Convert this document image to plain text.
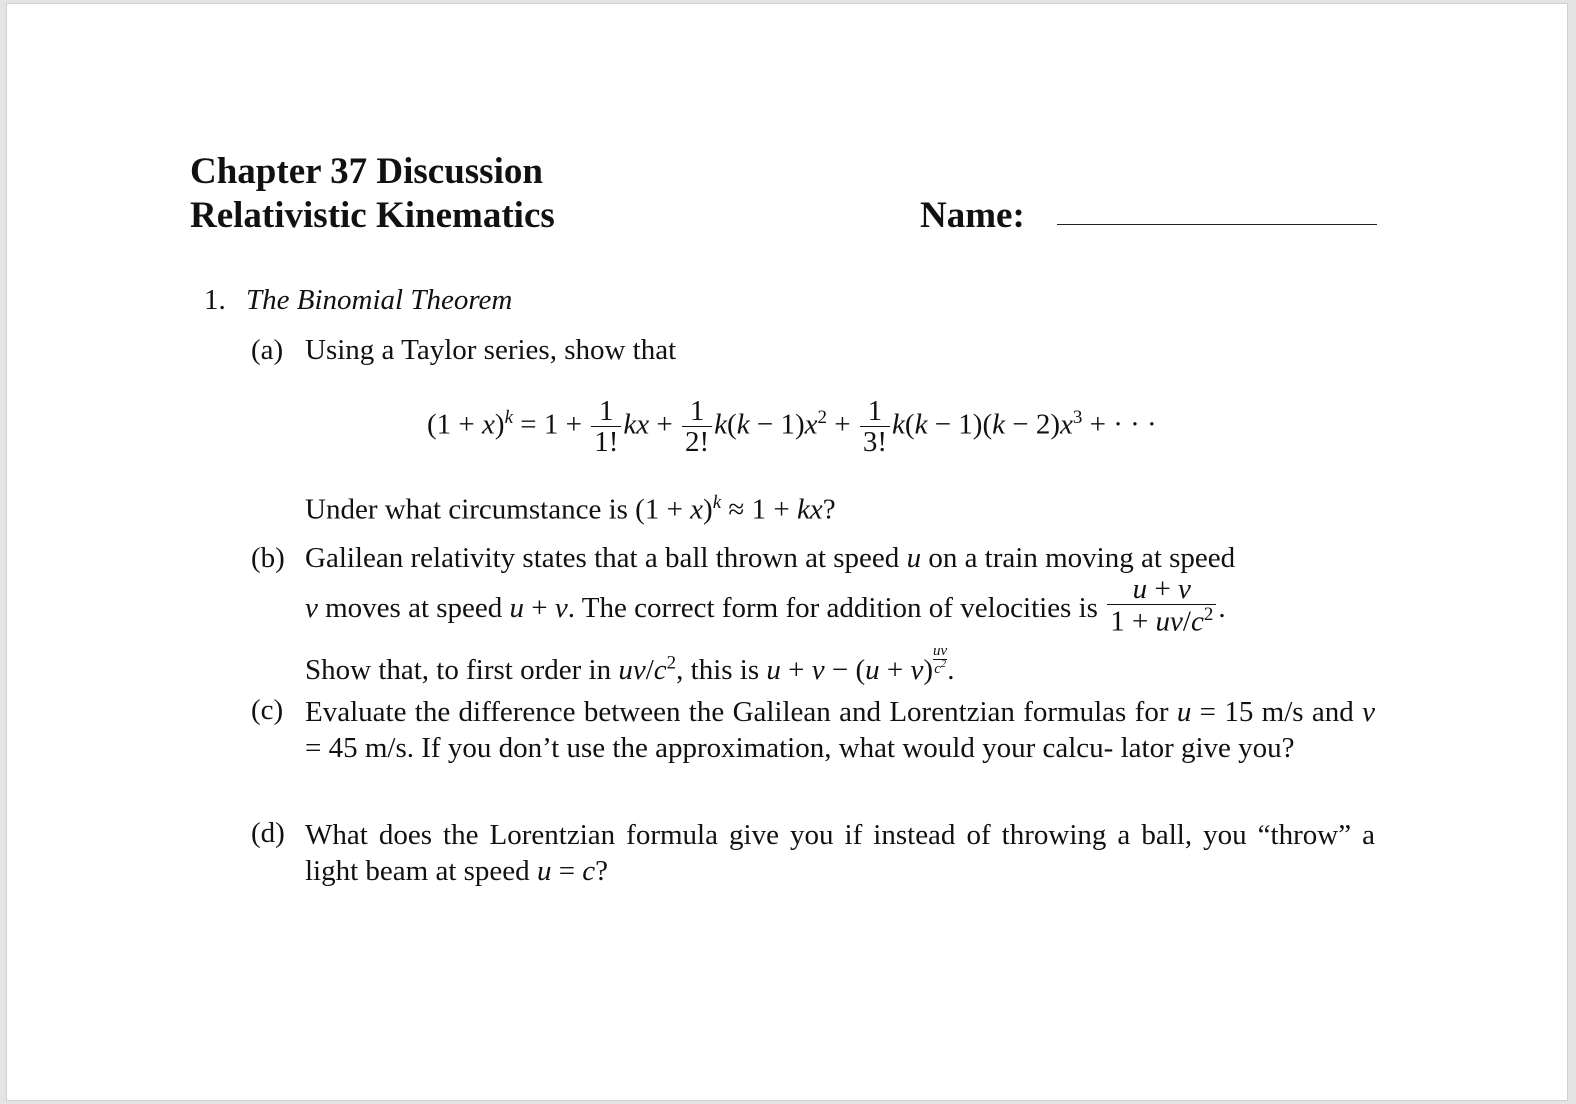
Chapter 37 Discussion
Relativistic Kinematics	Name:
1. The Binomial Theorem
(a) Using a Taylor series, show that
$(1 + x)^k = 1 + \frac{1}{1!}$ kx + $\frac{1}{2!} k(k - 1)x^2 + \frac{1}{3!} k(k - 1)(k - 2)x^3$ + · · ·
Under what circumstance is $(1 + x)^k \approx 1$ + kx?
(b) Galilean relativity states that a ball thrown at speed u on a train moving at speed
v moves at speed u + v. The correct form for addition of velocities is $\frac{u + v}{1 + uv/c^2}$ .
Show that, to first order in $uv/c^2$, this is $u + v - (u + v) \frac{uv}{c^2}$ .
(c) Evaluate the difference between the Galilean and Lorentzian formulas for u = 15 m/s and v = 45 m/s. If you don’t use the approximation, what would your calcu- lator give you?
(d) What does the Lorentzian formula give you if instead of throwing a ball, you “throw” a light beam at speed u = c?
